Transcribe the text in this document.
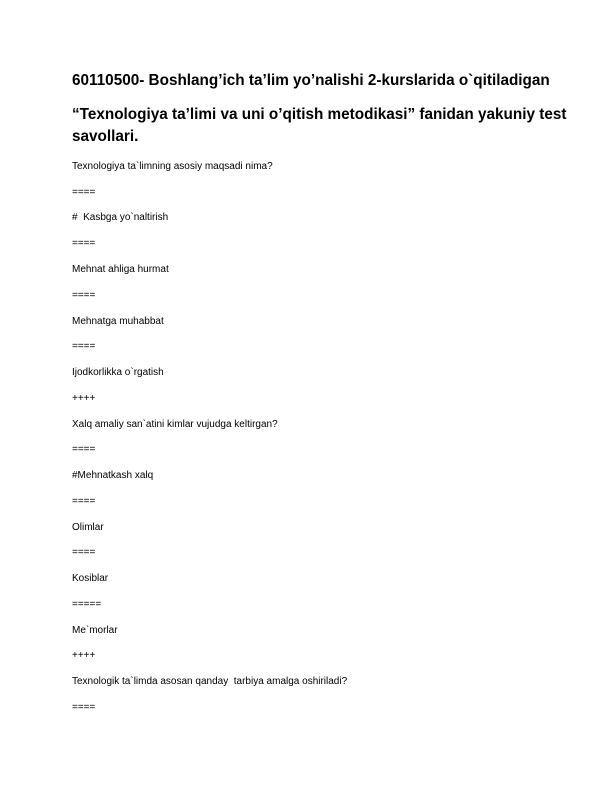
60110500- Boshlang’ich ta’lim yo’nalishi 2-kurslarida o`qitiladigan
“Texnologiya ta’limi va uni o’qitish metodikasi” fanidan yakuniy test
savollari.

Texnologiya ta`limning asosiy maqsadi nima?

====

#  Kasbga yo`naltirish

====

Mehnat ahliga hurmat

====

Mehnatga muhabbat

====

Ijodkorlikka o`rgatish

++++

Xalq amaliy san`atini kimlar vujudga keltirgan?

====

#Mehnatkash xalq

====

Olimlar

====

Kosiblar

=====

Me`morlar

++++

Texnologik ta`limda asosan qanday  tarbiya amalga oshiriladi?

====
